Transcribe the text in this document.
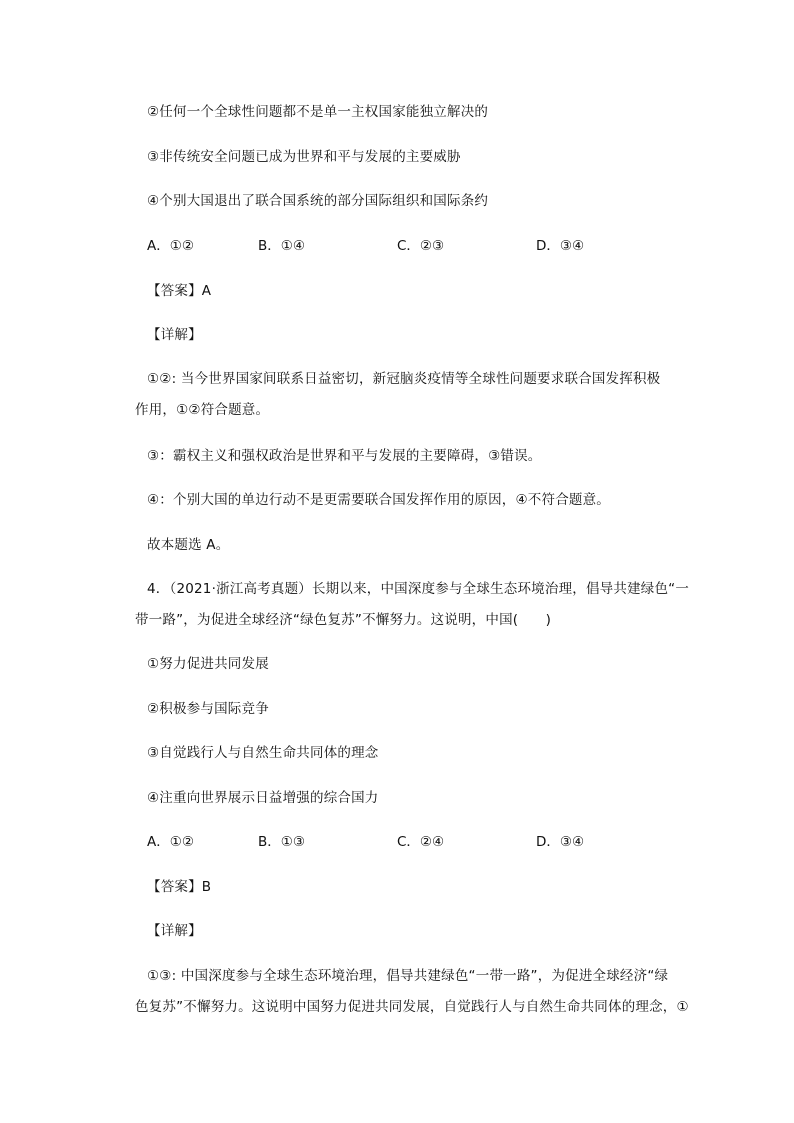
②任何一个全球性问题都不是单一主权国家能独立解决的
③非传统安全问题已成为世界和平与发展的主要威胁
④个别大国退出了联合国系统的部分国际组织和国际条约
A．①②	B．①④	C．②③	D．③④
【答案】A
【详解】
①②: 当今世界国家间联系日益密切，新冠脑炎疫情等全球性问题要求联合国发挥积极
作用，①②符合题意。
③：霸权主义和强权政治是世界和平与发展的主要障碍，③错误。
④：个别大国的单边行动不是更需要联合国发挥作用的原因，④不符合题意。
故本题选 A。
4．（2021·浙江高考真题）长期以来，中国深度参与全球生态环境治理，倡导共建绿色“一
带一路”，为促进全球经济“绿色复苏”不懈努力。这说明，中国(　　)
①努力促进共同发展
②积极参与国际竞争
③自觉践行人与自然生命共同体的理念
④注重向世界展示日益增强的综合国力
A．①②	B．①③	C．②④	D．③④
【答案】B
【详解】
①③: 中国深度参与全球生态环境治理，倡导共建绿色“一带一路”，为促进全球经济“绿
色复苏”不懈努力。这说明中国努力促进共同发展，自觉践行人与自然生命共同体的理念，①
